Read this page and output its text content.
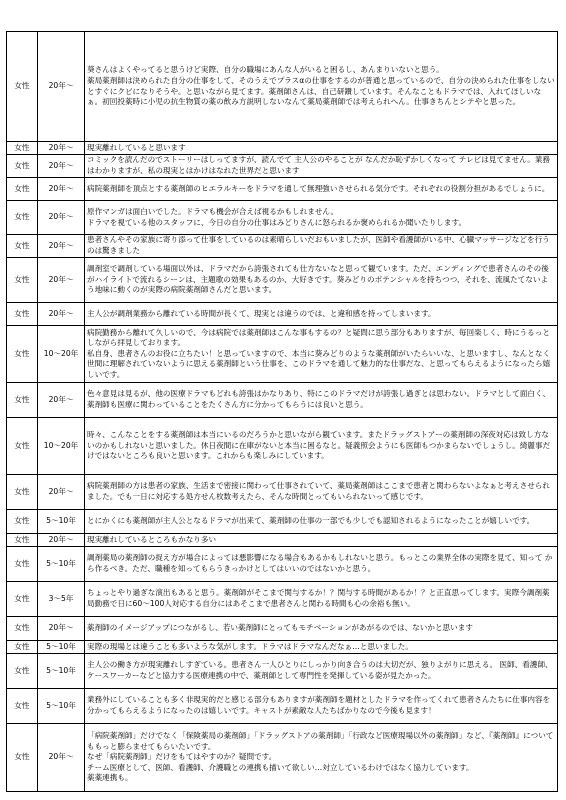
女性	20年～	葵さんはよくやってると思うけど実際、自分の職場にあんな人がいると困るし、あんまりいないと思う。
薬局薬剤師は決められた自分の仕事をして、そのうえでプラスαの仕事をするのが普通と思っているので、自分の決められた仕事をしないとすぐにクビになりそうや。と思いながら見てます。薬剤師さんは、自己研鑽しています。そんなこともドラマでは、入れてほしいなぁ。初回投薬時に小児の抗生物質の薬の飲み方説明しないなんて薬局薬剤師では考えられへん。仕事きちんとシテやと思った。
女性	20年～	現実離れしていると思います
女性	20年～	コミックを読んだのでストーリーはしってますが、読んでて 主人公のやることが なんだか恥ずかしくなって テレビは見てません。業務はわかりますが、私の現実とはかけはなれた世界だと思います
女性	20年～	病院薬剤師を頂点とする薬剤師のヒエラルキーをドラマを通して無理強いさせられる気分です。それぞれの役割分担があるでしょうに。
女性	20年～	原作マンガは面白いでした。ドラマも機会が合えば視るかもしれません。
ドラマを視ている他のスタッフに、今日の自分の仕事はみどりさんに怒られるか褒められるか聞いたりします。
女性	20年～	患者さんやその家族に寄り添って仕事をしているのは素晴らしいだおもいましたが、医師や看護師がいる中、心臓マッサージなどを行うのは驚きました
女性	20年～	調剤室で調剤している場面以外は、ドラマだから誇張されても仕方ないなと思って観ています。ただ、エンディングで患者さんのその後がハイライトで流れるシーンは、主題歌の効果もあるのか、大好きです。葵みどりのポテンシャルを持ちつつ、それを、流風たてないよう地味に動くのが実際の病院薬剤師さんだと思います。
女性	20年～	主人公が調剤業務から離れている時間が長くて、現実とは違うのでは、と違和感を持ってしまいます。
女性	10～20年	病院勤務から離れて久しいので、今は病院では薬剤師はこんな事もするの？と疑問に思う部分もありますが、毎回楽しく、時にうるっとしながら拝見しております。
私自身、患者さんのお役に立ちたい！と思っていますので、本当に葵みどりのような薬剤師がいたらいいな、と思いますし、なんとなく世間に理解されていないように思える薬剤師という仕事を、このドラマを通して魅力的な仕事だな、と思ってもらえるようになったら嬉しいです。
女性	20年～	色々意見は見るが、他の医療ドラマもどれも誇張はかなりあり、特にこのドラマだけが誇張し過ぎとは思わない。ドラマとして面白く、薬剤師も医療に関わっていることをたくさん方に分かってもらうには良いと思う。
女性	10～20年	時々、こんなことをする薬剤師は本当にいるのだろうかと思いながら観ています。またドラッグストアーの薬剤師の深夜対応は致し方ないのかもしれないと思いました。休日夜間に在庫がないと本当に困るなと。疑義照会ようにも医師もつかまらないでしょうし。綺麗事だけではないところも良いと思います。これからも楽しみにしています。
女性	20年～	病院薬剤師の方は患者の家族、生活まで密接に関わって仕事されていて、薬局薬剤師はここまで患者と関わらないよなぁと考えさせられました。でも一日に対応する処方せん枚数考えたら、そんな時間とってもいられないって感じです。
女性	5～10年	とにかくにも薬剤師が主人公となるドラマが出来て、薬剤師の仕事の一部でも少しでも認知されるようになったことが嬉しいです。
女性	20年～	現実離れしているところもかなり多い
女性	5～10年	調剤薬局の薬剤師の捉え方が場合によっては悪影響になる場合もあるかもしれないと思う。もっとこの業界全体の実際を見て、知って から作るべき。ただ、職種を知ってもらうきっかけとしてはいいのではないかと思う。
女性	3～5年	ちょっとやり過ぎな演出もあると思う。薬剤師がそこまで関与するか！？関与する時間があるか！？と正直思ってします。実際今調剤薬局勤務で日に60～100人対応する自分にはあそこまで患者さんと関わる時間も心の余裕も無い。
女性	20年～	薬剤師のイメージアップにつながるし、若い薬剤師にとってもモチベーションがあがるのでは、ないかと思います
女性	5～10年	実際の現場とは違うことも多いような気がします。ドラマはドラマなんだなぁ…と思いました。
女性	5～10年	主人公の働き方が現実離れしすぎている。患者さん一人ひとりにしっかり向き合うのは大切だが、独りよがりに思える。 医師、看護師、ケースワーカーなどと協力する医療連携の中で、薬剤師として専門性を発揮している姿が見たかった。
女性	5～10年	業務外にしていることも多く非現実的だと感じる部分もありますが薬剤師を題材としたドラマを作ってくれて患者さんたちに仕事内容を分かってもらえるようになったのは嬉しいです。キャストが素敵な人たちばかりなので今後も見ます！
女性	20年～	「病院薬剤師」だけでなく「保険薬局の薬剤師」「ドラッグストアの薬剤師」「行政など医療現場以外の薬剤師」など、『薬剤師』についてももっと膨らませてもらいたいです。
なぜ「病院薬剤師」だけをもてはやすのか？疑問です。
チーム医療として、医師、看護師、介護職との連携も描いて欲しい…対立しているわけではなく協力しています。
薬薬連携も。
